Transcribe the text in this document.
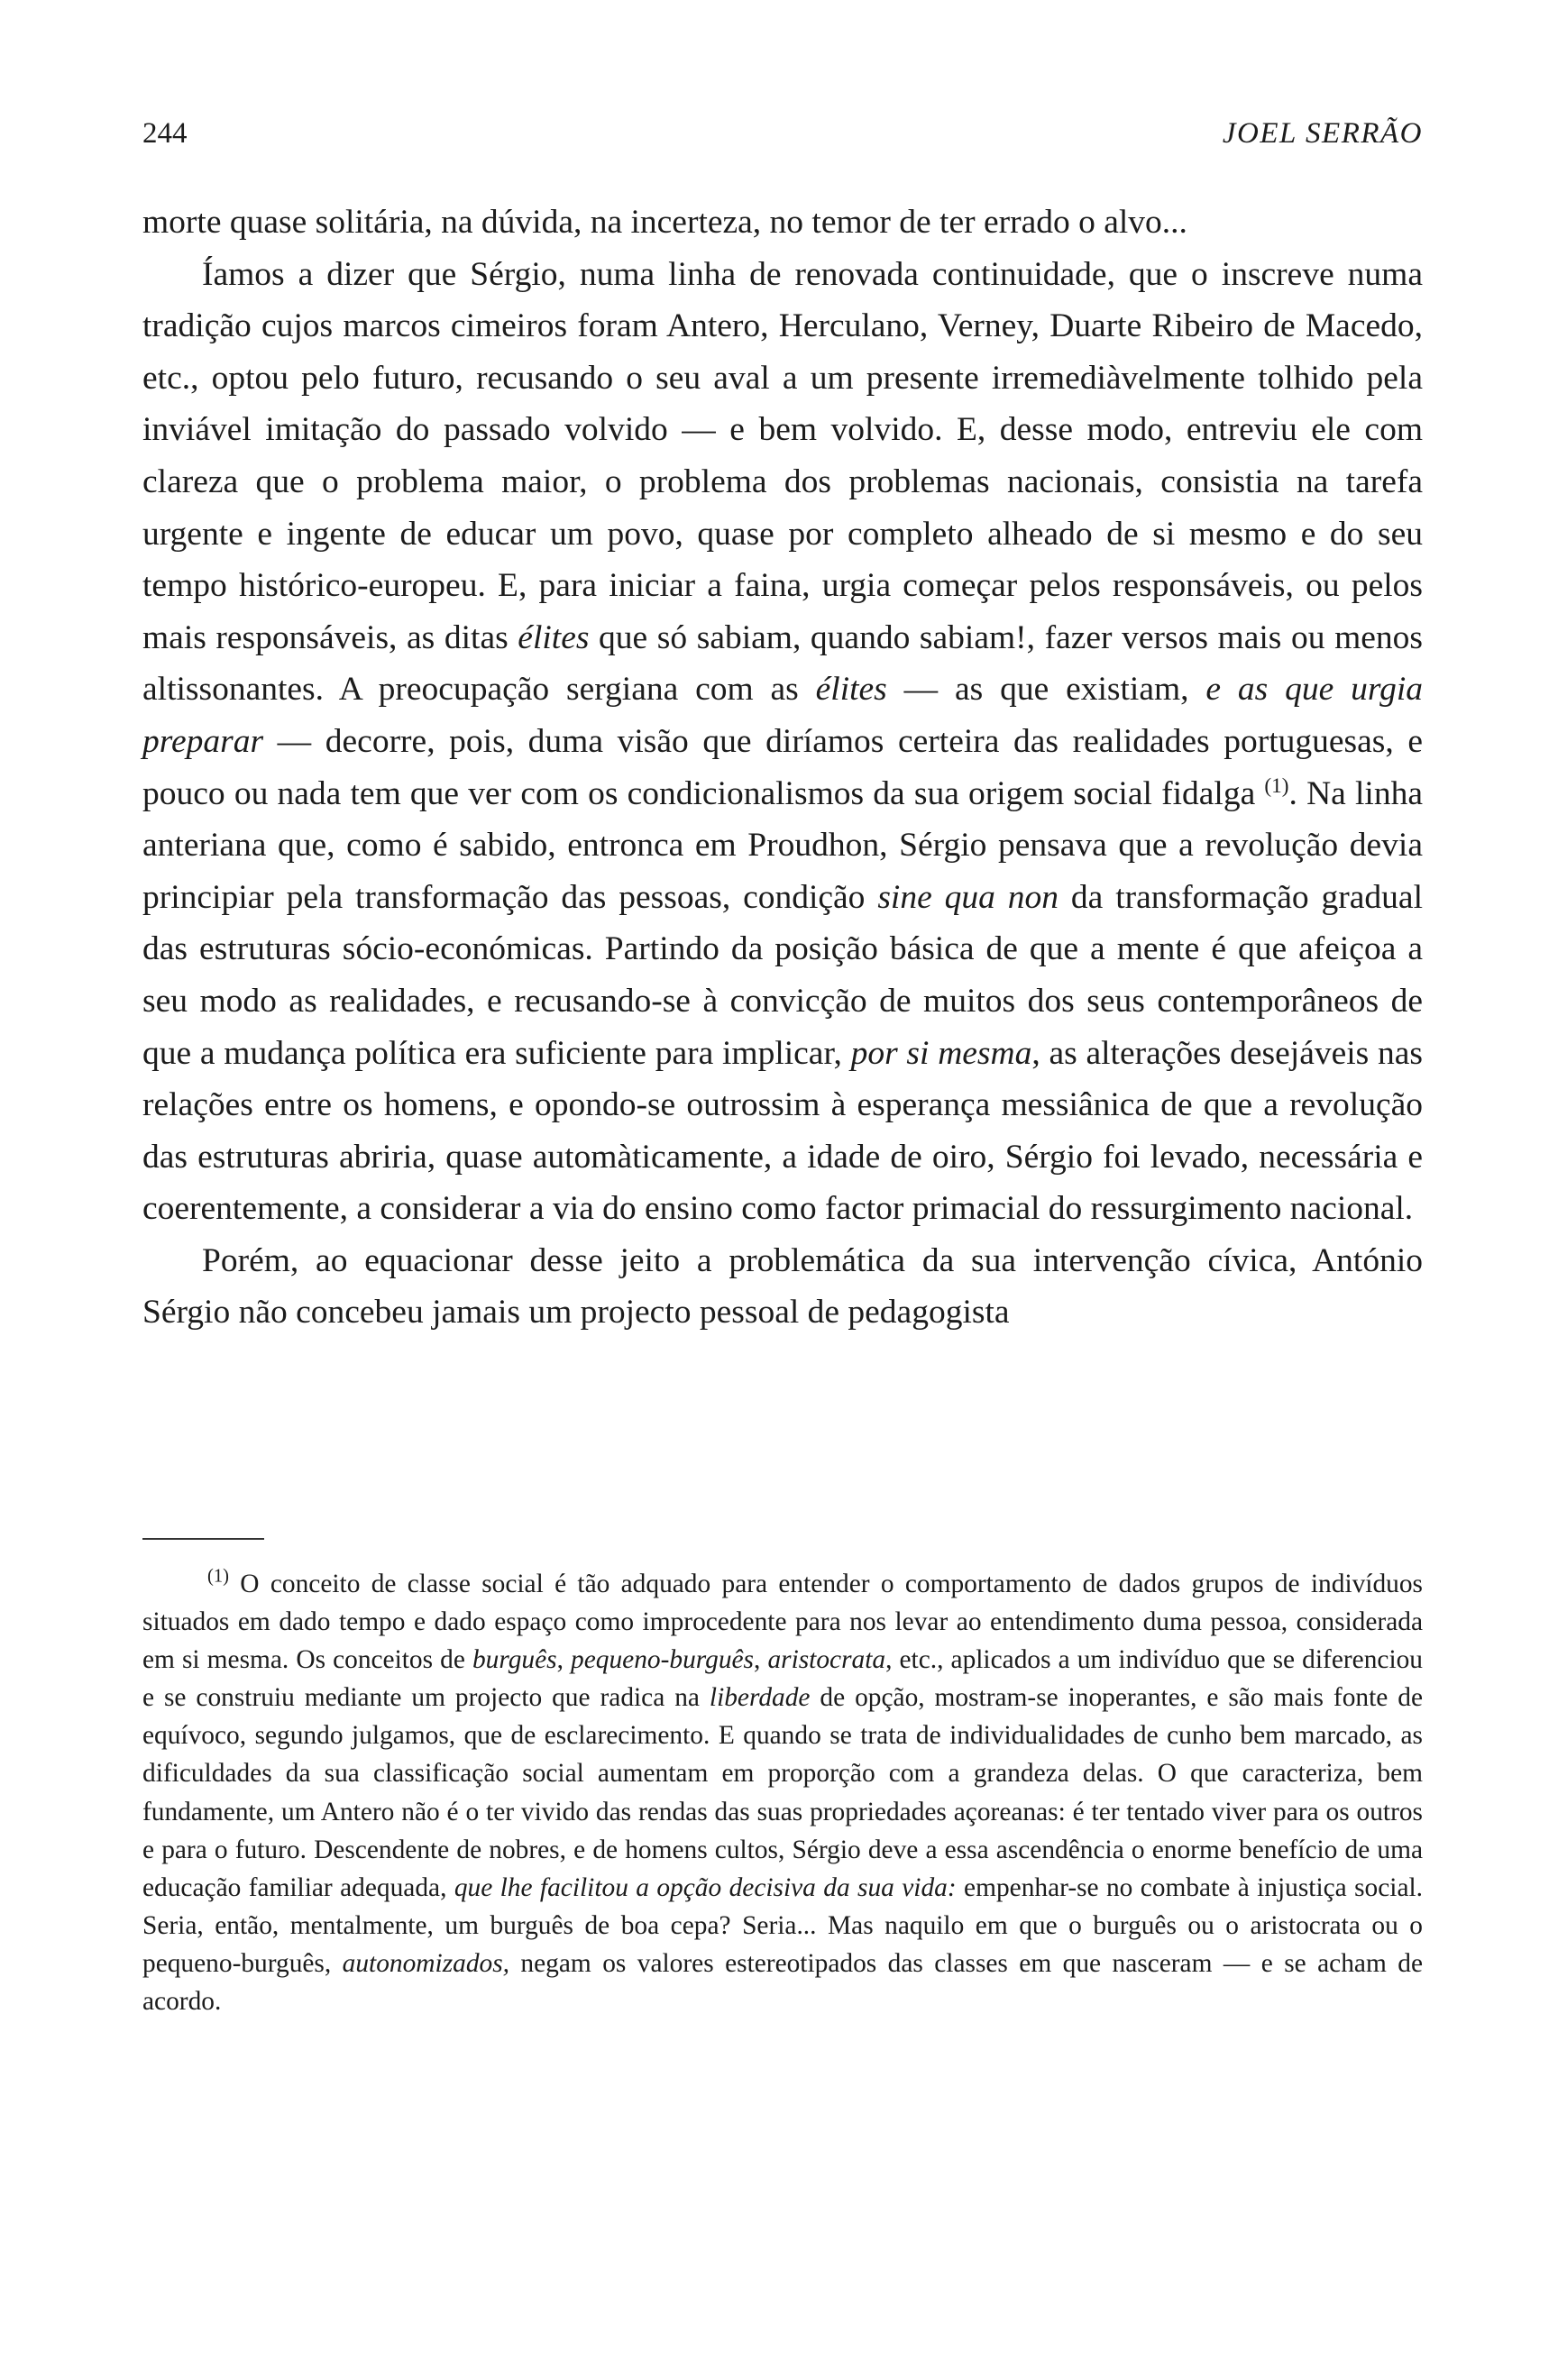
244	JOEL SERRÃO

morte quase solitária, na dúvida, na incerteza, no temor de ter errado o alvo...

Íamos a dizer que Sérgio, numa linha de renovada continuidade, que o inscreve numa tradição cujos marcos cimeiros foram Antero, Herculano, Verney, Duarte Ribeiro de Macedo, etc., optou pelo futuro, recusando o seu aval a um presente irremediàvelmente tolhido pela inviável imitação do passado volvido — e bem volvido. E, desse modo, entreviu ele com clareza que o problema maior, o problema dos problemas nacionais, consistia na tarefa urgente e ingente de educar um povo, quase por completo alheado de si mesmo e do seu tempo histórico-europeu. E, para iniciar a faina, urgia começar pelos responsáveis, ou pelos mais responsáveis, as ditas élites que só sabiam, quando sabiam!, fazer versos mais ou menos altissonantes. A preocupação sergiana com as élites — as que existiam, e as que urgia preparar — decorre, pois, duma visão que diríamos certeira das realidades portuguesas, e pouco ou nada tem que ver com os condicionalismos da sua origem social fidalga $^{(1)}$. Na linha anteriana que, como é sabido, entronca em Proudhon, Sérgio pensava que a revolução devia principiar pela transformação das pessoas, condição sine qua non da transformação gradual das estruturas sócio-económicas. Partindo da posição básica de que a mente é que afeiçoa a seu modo as realidades, e recusando-se à convicção de muitos dos seus contemporâneos de que a mudança política era suficiente para implicar, por si mesma, as alterações desejáveis nas relações entre os homens, e opondo-se outrossim à esperança messiânica de que a revolução das estruturas abriria, quase automàticamente, a idade de oiro, Sérgio foi levado, necessária e coerentemente, a considerar a via do ensino como factor primacial do ressurgimento nacional.

Porém, ao equacionar desse jeito a problemática da sua intervenção cívica, António Sérgio não concebeu jamais um projecto pessoal de pedagogista

$^{(1)}$ O conceito de classe social é tão adquado para entender o comportamento de dados grupos de indivíduos situados em dado tempo e dado espaço como improcedente para nos levar ao entendimento duma pessoa, considerada em si mesma. Os conceitos de burguês, pequeno-burguês, aristocrata, etc., aplicados a um indivíduo que se diferenciou e se construiu mediante um projecto que radica na liberdade de opção, mostram-se inoperantes, e são mais fonte de equívoco, segundo julgamos, que de esclarecimento. E quando se trata de individualidades de cunho bem marcado, as dificuldades da sua classificação social aumentam em proporção com a grandeza delas. O que caracteriza, bem fundamente, um Antero não é o ter vivido das rendas das suas propriedades açoreanas: é ter tentado viver para os outros e para o futuro. Descendente de nobres, e de homens cultos, Sérgio deve a essa ascendência o enorme benefício de uma educação familiar adequada, que lhe facilitou a opção decisiva da sua vida: empenhar-se no combate à injustiça social. Seria, então, mentalmente, um burguês de boa cepa? Seria... Mas naquilo em que o burguês ou o aristocrata ou o pequeno-burguês, autonomizados, negam os valores estereotipados das classes em que nasceram — e se acham de acordo.
